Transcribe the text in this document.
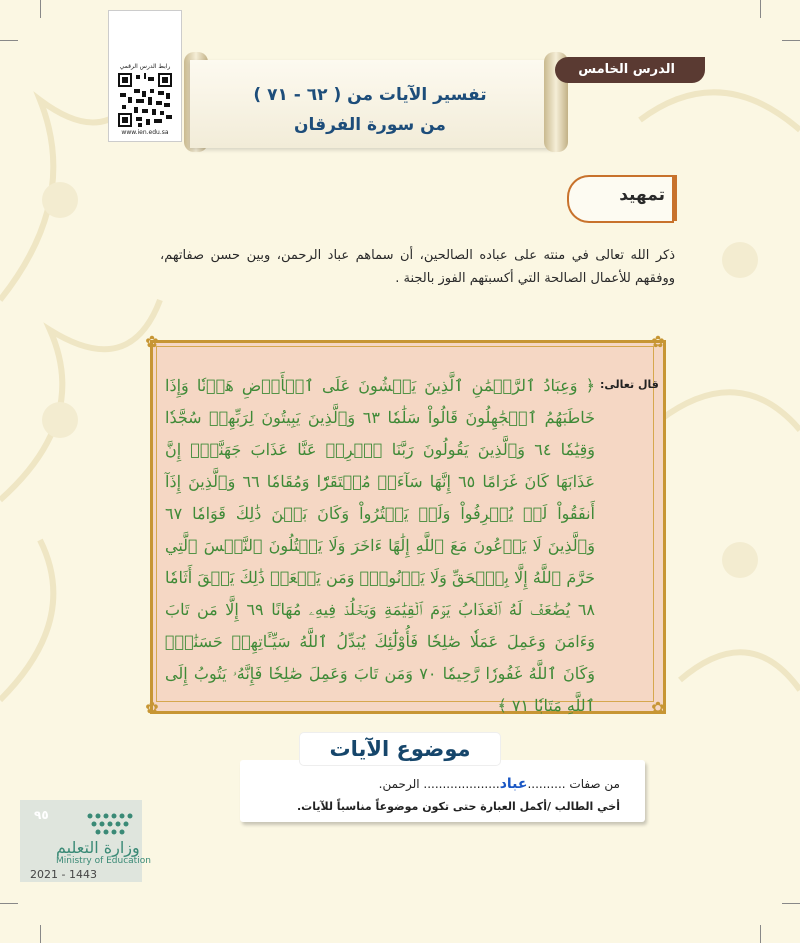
رابط الدرس الرقمي
www.ien.edu.sa
تفسير الآيات من ( ٦٢ - ٧١ )
من سورة الفرقان
الدرس الخامس
تمهيد
ذكر الله تعالى في منته على عباده الصالحين، أن سماهم عباد الرحمن، وبين حسن صفاتهم، ووفقهم للأعمال الصالحة التي أكسبتهم الفوز بالجنة .
✿	✿
✿	✿
قال تعالى:
﴿ وَعِبَادُ ٱلرَّحۡمَٰنِ ٱلَّذِينَ يَمۡشُونَ عَلَى ٱلۡأَرۡضِ هَوۡنٗا وَإِذَا خَاطَبَهُمُ ٱلۡجَٰهِلُونَ قَالُواْ سَلَٰمٗا ٦٣ وَٱلَّذِينَ يَبِيتُونَ لِرَبِّهِمۡ سُجَّدٗا وَقِيَٰمٗا ٦٤ وَٱلَّذِينَ يَقُولُونَ رَبَّنَا ٱصۡرِفۡ عَنَّا عَذَابَ جَهَنَّمَۖ إِنَّ عَذَابَهَا كَانَ غَرَامًا ٦٥ إِنَّهَا سَآءَتۡ مُسۡتَقَرّٗا وَمُقَامٗا ٦٦ وَٱلَّذِينَ إِذَآ أَنفَقُواْ لَمۡ يُسۡرِفُواْ وَلَمۡ يَقۡتُرُواْ وَكَانَ بَيۡنَ ذَٰلِكَ قَوَامٗا ٦٧ وَٱلَّذِينَ لَا يَدۡعُونَ مَعَ ٱللَّهِ إِلَٰهًا ءَاخَرَ وَلَا يَقۡتُلُونَ ٱلنَّفۡسَ ٱلَّتِي حَرَّمَ ٱللَّهُ إِلَّا بِٱلۡحَقِّ وَلَا يَزۡنُونَۚ وَمَن يَفۡعَلۡ ذَٰلِكَ يَلۡقَ أَثَامٗا ٦٨ يُضَٰعَفۡ لَهُ ٱلۡعَذَابُ يَوۡمَ ٱلۡقِيَٰمَةِ وَيَخۡلُدۡ فِيهِۦ مُهَانًا ٦٩ إِلَّا مَن تَابَ وَءَامَنَ وَعَمِلَ عَمَلٗا صَٰلِحٗا فَأُوْلَٰٓئِكَ يُبَدِّلُ ٱللَّهُ سَيِّـَٔاتِهِمۡ حَسَنَٰتٖۗ وَكَانَ ٱللَّهُ غَفُورٗا رَّحِيمٗا ٧٠ وَمَن تَابَ وَعَمِلَ صَٰلِحٗا فَإِنَّهُۥ يَتُوبُ إِلَى ٱللَّهِ مَتَابٗا ٧١ ﴾
موضوع الآيات
من صفات ..........عباد.................... الرحمن.
أخي الطالب /أكمل العبارة حتى تكون موضوعاً مناسباً للآيات.
٩٥
وزارة التعليم
Ministry of Education
2021 - 1443
